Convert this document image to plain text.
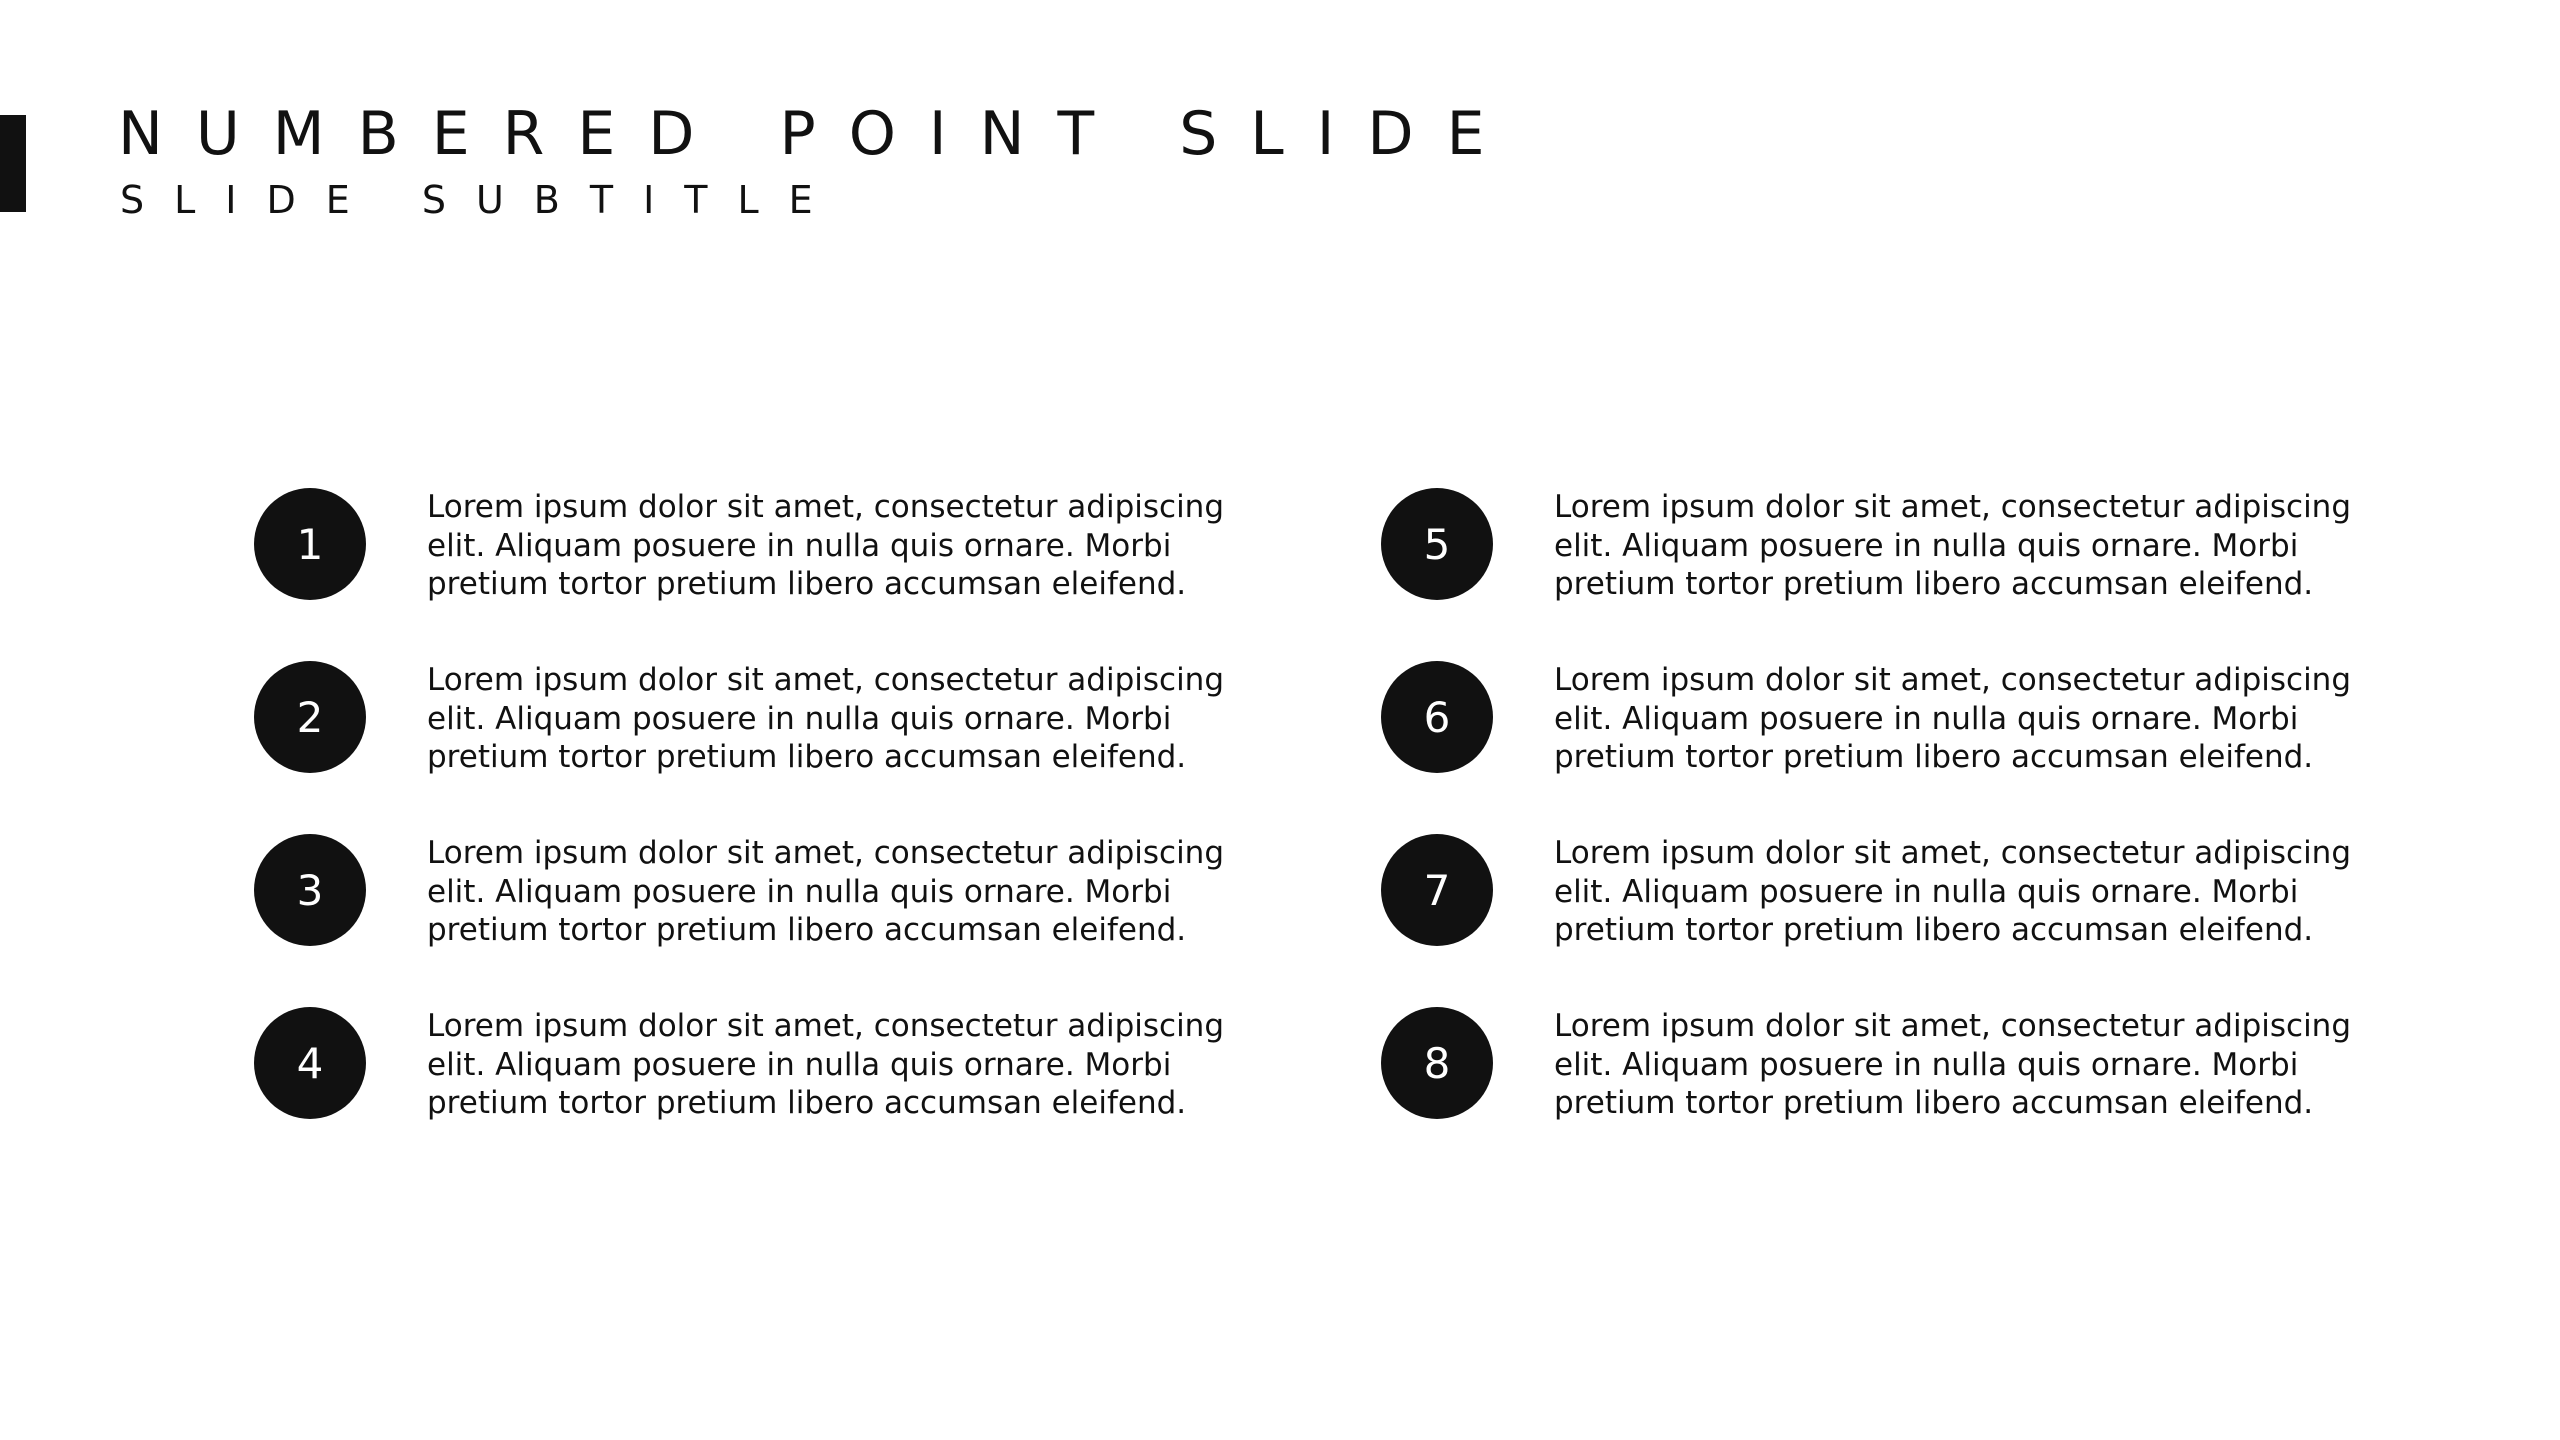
NUMBERED POINT SLIDE
SLIDE SUBTITLE
1

Lorem ipsum dolor sit amet, consectetur adipiscing elit. Aliquam posuere in nulla quis ornare. Morbi pretium tortor pretium libero accumsan eleifend.

2

Lorem ipsum dolor sit amet, consectetur adipiscing elit. Aliquam posuere in nulla quis ornare. Morbi pretium tortor pretium libero accumsan eleifend.

3

Lorem ipsum dolor sit amet, consectetur adipiscing elit. Aliquam posuere in nulla quis ornare. Morbi pretium tortor pretium libero accumsan eleifend.

4

Lorem ipsum dolor sit amet, consectetur adipiscing elit. Aliquam posuere in nulla quis ornare. Morbi pretium tortor pretium libero accumsan eleifend.

5

Lorem ipsum dolor sit amet, consectetur adipiscing elit. Aliquam posuere in nulla quis ornare. Morbi pretium tortor pretium libero accumsan eleifend.

6

Lorem ipsum dolor sit amet, consectetur adipiscing elit. Aliquam posuere in nulla quis ornare. Morbi pretium tortor pretium libero accumsan eleifend.

7

Lorem ipsum dolor sit amet, consectetur adipiscing elit. Aliquam posuere in nulla quis ornare. Morbi pretium tortor pretium libero accumsan eleifend.

8

Lorem ipsum dolor sit amet, consectetur adipiscing elit. Aliquam posuere in nulla quis ornare. Morbi pretium tortor pretium libero accumsan eleifend.
